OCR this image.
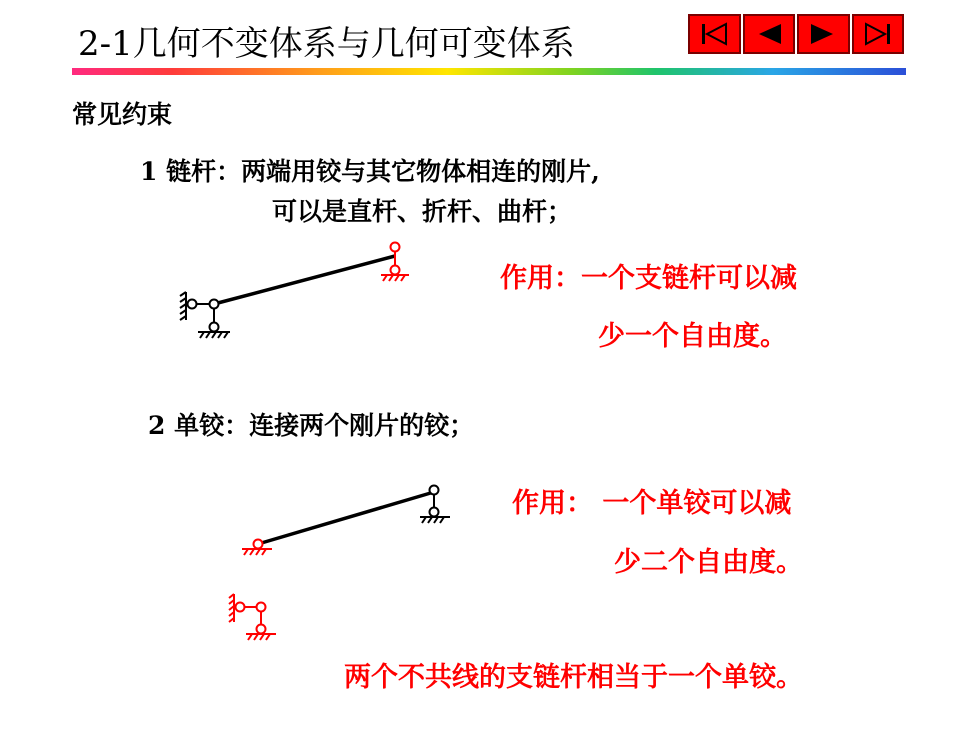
2-1几何不变体系与几何可变体系
常见约束
1 链杆：两端用铰与其它物体相连的刚片,
可以是直杆、折杆、曲杆；
作用：一个支链杆可以减
少一个自由度。
2 单铰：连接两个刚片的铰；
作用： 一个单铰可以减
少二个自由度。
两个不共线的支链杆相当于一个单铰。
